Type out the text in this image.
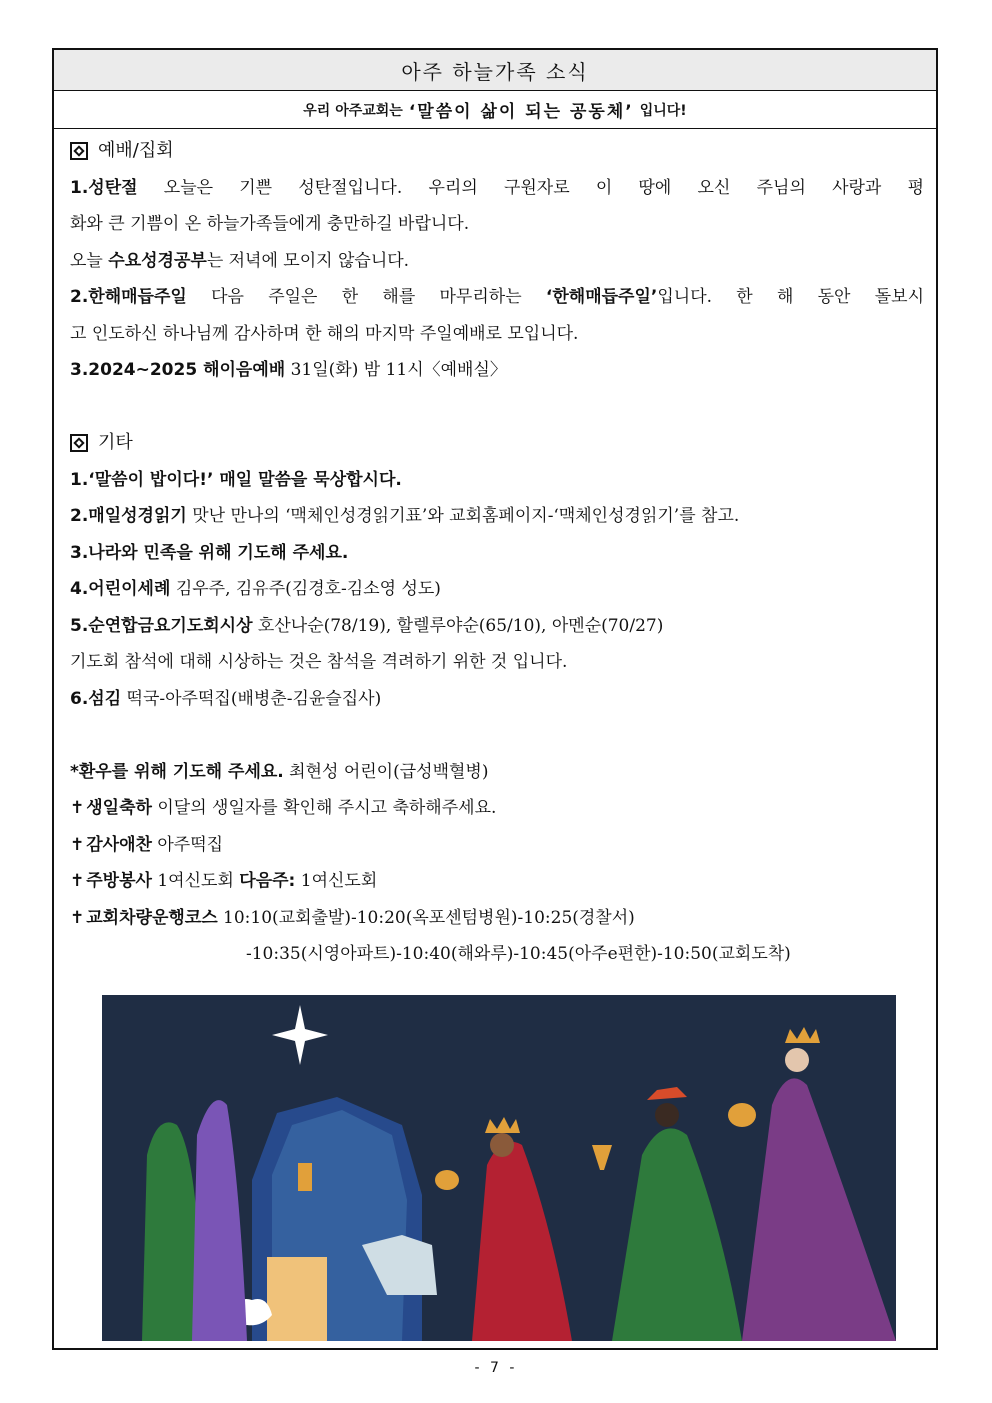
아주 하늘가족 소식
우리 아주교회는 ‘말씀이 삶이 되는 공동체’ 입니다!
예배/집회
1.성탄절 오늘은 기쁜 성탄절입니다. 우리의 구원자로 이 땅에 오신 주님의 사랑과 평
화와 큰 기쁨이 온 하늘가족들에게 충만하길 바랍니다.
오늘 수요성경공부는 저녁에 모이지 않습니다.
2.한해매듭주일 다음 주일은 한 해를 마무리하는 ‘한해매듭주일’입니다. 한 해 동안 돌보시
고 인도하신 하나님께 감사하며 한 해의 마지막 주일예배로 모입니다.
3.2024~2025 해이음예배 31일(화) 밤 11시〈예배실〉
기타
1.‘말씀이 밥이다!’ 매일 말씀을 묵상합시다.
2.매일성경읽기 맛난 만나의 ‘맥체인성경읽기표’와 교회홈페이지-‘맥체인성경읽기’를 참고.
3.나라와 민족을 위해 기도해 주세요.
4.어린이세례 김우주, 김유주(김경호-김소영 성도)
5.순연합금요기도회시상 호산나순(78/19), 할렐루야순(65/10), 아멘순(70/27)
기도회 참석에 대해 시상하는 것은 참석을 격려하기 위한 것 입니다.
6.섬김 떡국-아주떡집(배병춘-김윤슬집사)
*환우를 위해 기도해 주세요. 최현성 어린이(급성백혈병)
✝ 생일축하 이달의 생일자를 확인해 주시고 축하해주세요.
✝ 감사애찬 아주떡집
✝ 주방봉사 1여신도회 다음주: 1여신도회
✝ 교회차량운행코스 10:10(교회출발)-10:20(옥포센텀병원)-10:25(경찰서)
-10:35(시영아파트)-10:40(해와루)-10:45(아주e편한)-10:50(교회도착)
- 7 -
